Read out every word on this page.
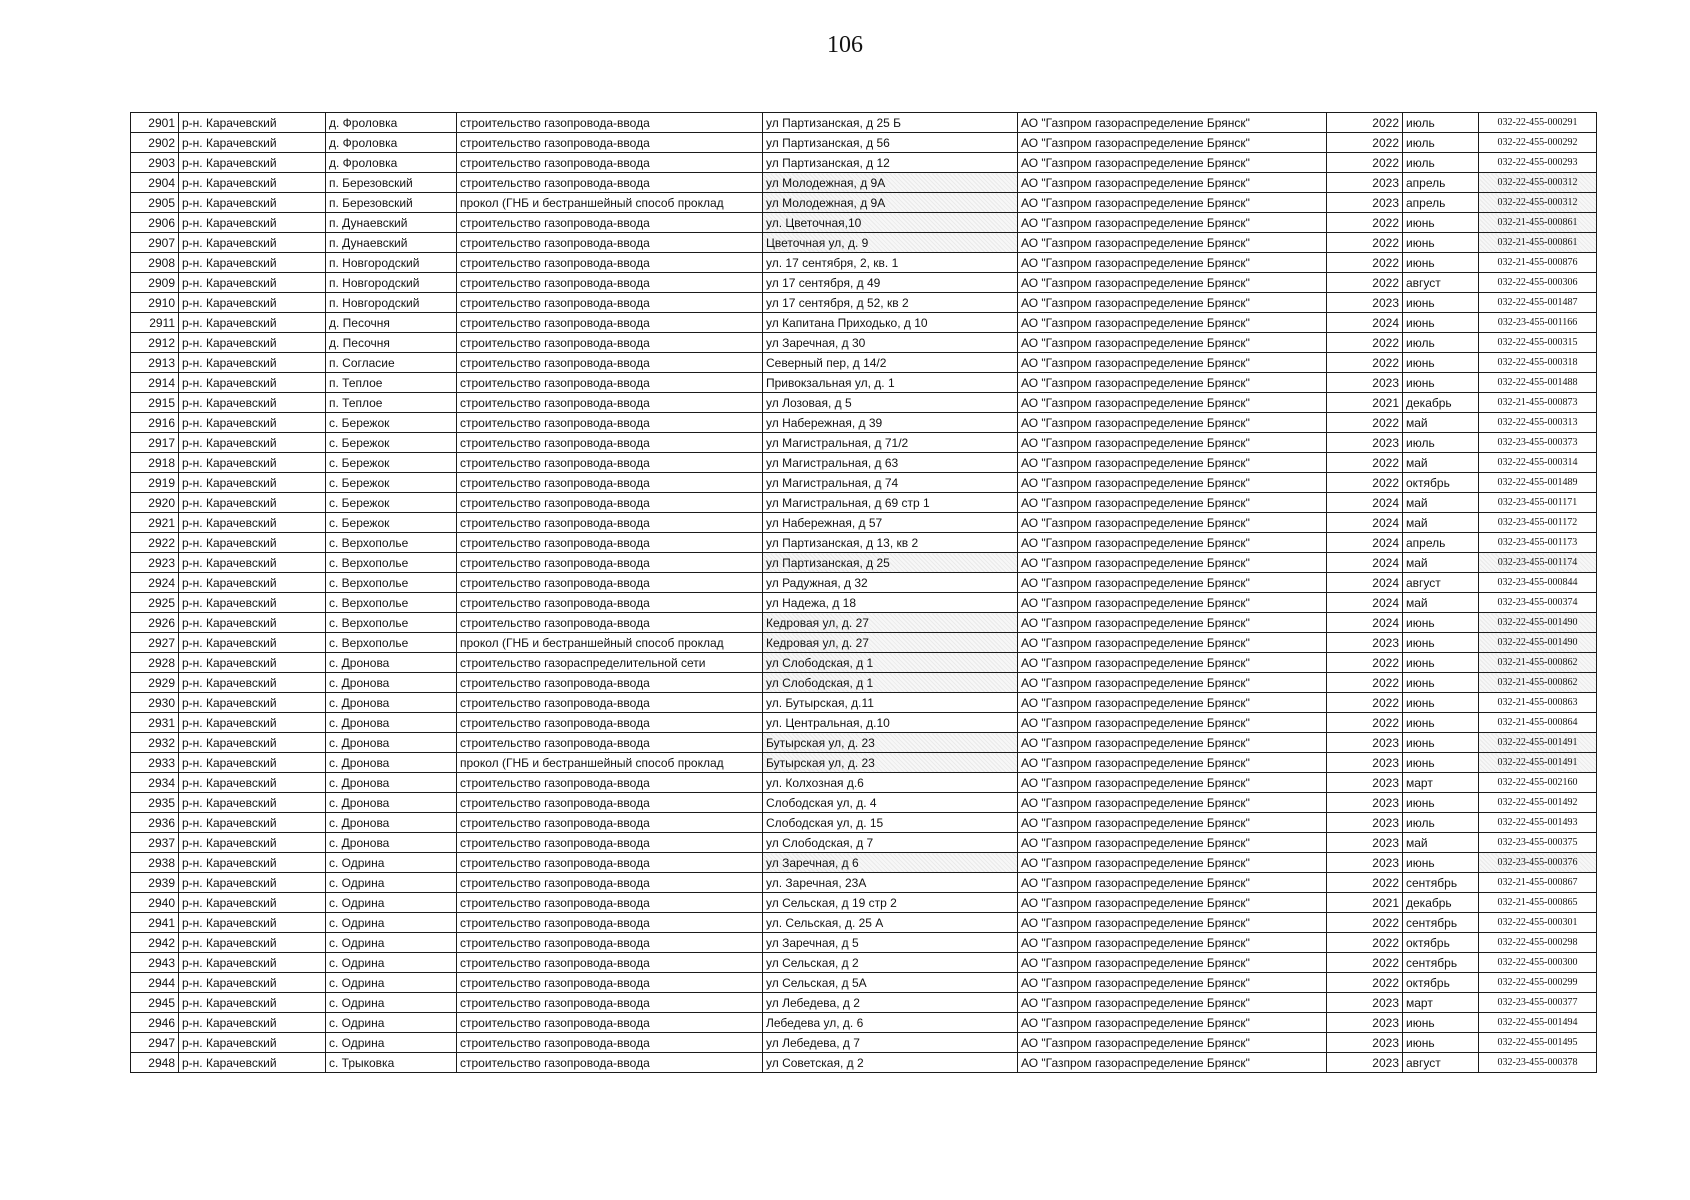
106
2901	р-н. Карачевский	д. Фроловка	строительство газопровода-ввода	ул Партизанская, д 25 Б	АО "Газпром газораспределение Брянск"	2022	июль	032-22-455-000291
2902	р-н. Карачевский	д. Фроловка	строительство газопровода-ввода	ул Партизанская, д 56	АО "Газпром газораспределение Брянск"	2022	июль	032-22-455-000292
2903	р-н. Карачевский	д. Фроловка	строительство газопровода-ввода	ул Партизанская, д 12	АО "Газпром газораспределение Брянск"	2022	июль	032-22-455-000293
2904	р-н. Карачевский	п. Березовский	строительство газопровода-ввода	ул Молодежная, д 9А	АО "Газпром газораспределение Брянск"	2023	апрель	032-22-455-000312
2905	р-н. Карачевский	п. Березовский	прокол (ГНБ и бестраншейный способ проклад	ул Молодежная, д 9А	АО "Газпром газораспределение Брянск"	2023	апрель	032-22-455-000312
2906	р-н. Карачевский	п. Дунаевский	строительство газопровода-ввода	ул. Цветочная,10	АО "Газпром газораспределение Брянск"	2022	июнь	032-21-455-000861
2907	р-н. Карачевский	п. Дунаевский	строительство газопровода-ввода	Цветочная ул, д. 9	АО "Газпром газораспределение Брянск"	2022	июнь	032-21-455-000861
2908	р-н. Карачевский	п. Новгородский	строительство газопровода-ввода	ул. 17 сентября, 2, кв. 1	АО "Газпром газораспределение Брянск"	2022	июнь	032-21-455-000876
2909	р-н. Карачевский	п. Новгородский	строительство газопровода-ввода	ул 17 сентября, д 49	АО "Газпром газораспределение Брянск"	2022	август	032-22-455-000306
2910	р-н. Карачевский	п. Новгородский	строительство газопровода-ввода	ул 17 сентября, д 52, кв 2	АО "Газпром газораспределение Брянск"	2023	июнь	032-22-455-001487
2911	р-н. Карачевский	д. Песочня	строительство газопровода-ввода	ул Капитана Приходько, д 10	АО "Газпром газораспределение Брянск"	2024	июнь	032-23-455-001166
2912	р-н. Карачевский	д. Песочня	строительство газопровода-ввода	ул Заречная, д 30	АО "Газпром газораспределение Брянск"	2022	июль	032-22-455-000315
2913	р-н. Карачевский	п. Согласие	строительство газопровода-ввода	Северный пер, д 14/2	АО "Газпром газораспределение Брянск"	2022	июнь	032-22-455-000318
2914	р-н. Карачевский	п. Теплое	строительство газопровода-ввода	Привокзальная ул, д. 1	АО "Газпром газораспределение Брянск"	2023	июнь	032-22-455-001488
2915	р-н. Карачевский	п. Теплое	строительство газопровода-ввода	ул Лозовая, д 5	АО "Газпром газораспределение Брянск"	2021	декабрь	032-21-455-000873
2916	р-н. Карачевский	с. Бережок	строительство газопровода-ввода	ул Набережная, д 39	АО "Газпром газораспределение Брянск"	2022	май	032-22-455-000313
2917	р-н. Карачевский	с. Бережок	строительство газопровода-ввода	ул Магистральная, д 71/2	АО "Газпром газораспределение Брянск"	2023	июль	032-23-455-000373
2918	р-н. Карачевский	с. Бережок	строительство газопровода-ввода	ул Магистральная, д 63	АО "Газпром газораспределение Брянск"	2022	май	032-22-455-000314
2919	р-н. Карачевский	с. Бережок	строительство газопровода-ввода	ул Магистральная, д 74	АО "Газпром газораспределение Брянск"	2022	октябрь	032-22-455-001489
2920	р-н. Карачевский	с. Бережок	строительство газопровода-ввода	ул Магистральная, д 69 стр 1	АО "Газпром газораспределение Брянск"	2024	май	032-23-455-001171
2921	р-н. Карачевский	с. Бережок	строительство газопровода-ввода	ул Набережная, д 57	АО "Газпром газораспределение Брянск"	2024	май	032-23-455-001172
2922	р-н. Карачевский	с. Верхополье	строительство газопровода-ввода	ул Партизанская, д 13, кв 2	АО "Газпром газораспределение Брянск"	2024	апрель	032-23-455-001173
2923	р-н. Карачевский	с. Верхополье	строительство газопровода-ввода	ул Партизанская, д 25	АО "Газпром газораспределение Брянск"	2024	май	032-23-455-001174
2924	р-н. Карачевский	с. Верхополье	строительство газопровода-ввода	ул Радужная, д 32	АО "Газпром газораспределение Брянск"	2024	август	032-23-455-000844
2925	р-н. Карачевский	с. Верхополье	строительство газопровода-ввода	ул Надежа, д 18	АО "Газпром газораспределение Брянск"	2024	май	032-23-455-000374
2926	р-н. Карачевский	с. Верхополье	строительство газопровода-ввода	Кедровая ул, д. 27	АО "Газпром газораспределение Брянск"	2024	июнь	032-22-455-001490
2927	р-н. Карачевский	с. Верхополье	прокол (ГНБ и бестраншейный способ проклад	Кедровая ул, д. 27	АО "Газпром газораспределение Брянск"	2023	июнь	032-22-455-001490
2928	р-н. Карачевский	с. Дронова	строительство газораспределительной сети	ул Слободская, д 1	АО "Газпром газораспределение Брянск"	2022	июнь	032-21-455-000862
2929	р-н. Карачевский	с. Дронова	строительство газопровода-ввода	ул Слободская, д 1	АО "Газпром газораспределение Брянск"	2022	июнь	032-21-455-000862
2930	р-н. Карачевский	с. Дронова	строительство газопровода-ввода	ул. Бутырская, д.11	АО "Газпром газораспределение Брянск"	2022	июнь	032-21-455-000863
2931	р-н. Карачевский	с. Дронова	строительство газопровода-ввода	ул. Центральная, д.10	АО "Газпром газораспределение Брянск"	2022	июнь	032-21-455-000864
2932	р-н. Карачевский	с. Дронова	строительство газопровода-ввода	Бутырская ул, д. 23	АО "Газпром газораспределение Брянск"	2023	июнь	032-22-455-001491
2933	р-н. Карачевский	с. Дронова	прокол (ГНБ и бестраншейный способ проклад	Бутырская ул, д. 23	АО "Газпром газораспределение Брянск"	2023	июнь	032-22-455-001491
2934	р-н. Карачевский	с. Дронова	строительство газопровода-ввода	ул. Колхозная д.6	АО "Газпром газораспределение Брянск"	2023	март	032-22-455-002160
2935	р-н. Карачевский	с. Дронова	строительство газопровода-ввода	Слободская ул, д. 4	АО "Газпром газораспределение Брянск"	2023	июнь	032-22-455-001492
2936	р-н. Карачевский	с. Дронова	строительство газопровода-ввода	Слободская ул, д. 15	АО "Газпром газораспределение Брянск"	2023	июль	032-22-455-001493
2937	р-н. Карачевский	с. Дронова	строительство газопровода-ввода	ул Слободская, д 7	АО "Газпром газораспределение Брянск"	2023	май	032-23-455-000375
2938	р-н. Карачевский	с. Одрина	строительство газопровода-ввода	ул Заречная, д 6	АО "Газпром газораспределение Брянск"	2023	июнь	032-23-455-000376
2939	р-н. Карачевский	с. Одрина	строительство газопровода-ввода	ул. Заречная, 23А	АО "Газпром газораспределение Брянск"	2022	сентябрь	032-21-455-000867
2940	р-н. Карачевский	с. Одрина	строительство газопровода-ввода	ул Сельская, д 19 стр 2	АО "Газпром газораспределение Брянск"	2021	декабрь	032-21-455-000865
2941	р-н. Карачевский	с. Одрина	строительство газопровода-ввода	ул. Сельская, д. 25 А	АО "Газпром газораспределение Брянск"	2022	сентябрь	032-22-455-000301
2942	р-н. Карачевский	с. Одрина	строительство газопровода-ввода	ул Заречная, д 5	АО "Газпром газораспределение Брянск"	2022	октябрь	032-22-455-000298
2943	р-н. Карачевский	с. Одрина	строительство газопровода-ввода	ул Сельская, д 2	АО "Газпром газораспределение Брянск"	2022	сентябрь	032-22-455-000300
2944	р-н. Карачевский	с. Одрина	строительство газопровода-ввода	ул Сельская, д 5А	АО "Газпром газораспределение Брянск"	2022	октябрь	032-22-455-000299
2945	р-н. Карачевский	с. Одрина	строительство газопровода-ввода	ул Лебедева, д 2	АО "Газпром газораспределение Брянск"	2023	март	032-23-455-000377
2946	р-н. Карачевский	с. Одрина	строительство газопровода-ввода	Лебедева ул, д. 6	АО "Газпром газораспределение Брянск"	2023	июнь	032-22-455-001494
2947	р-н. Карачевский	с. Одрина	строительство газопровода-ввода	ул Лебедева, д 7	АО "Газпром газораспределение Брянск"	2023	июнь	032-22-455-001495
2948	р-н. Карачевский	с. Трыковка	строительство газопровода-ввода	ул Советская, д 2	АО "Газпром газораспределение Брянск"	2023	август	032-23-455-000378
